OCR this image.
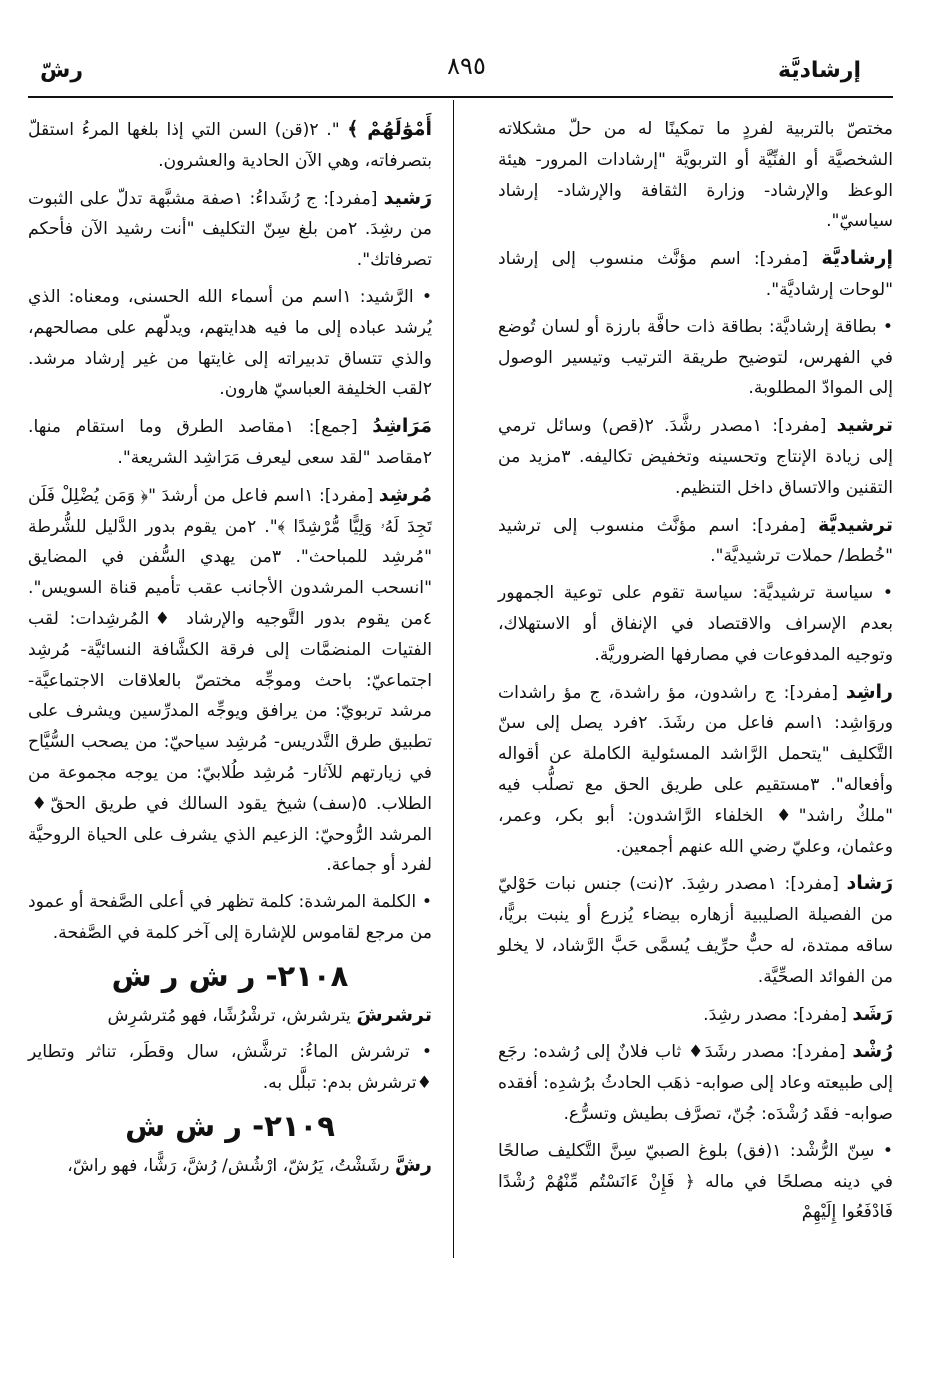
إرشاديَّة
٨٩٥
رشّ
مختصّ بالتربية لفردٍ ما تمكينًا له من حلّ مشكلاته الشخصيَّة أو الفنِّيَّة أو التربويَّة "إرشادات المرور- هيئة الوعظ والإرشاد- وزارة الثقافة والإرشاد- إرشاد سياسيّ".
إرشاديَّة [مفرد]: اسم مؤنَّث منسوب إلى إرشاد "لوحات إرشاديَّة".
• بطاقة إرشاديَّة: بطاقة ذات حافَّة بارزة أو لسان تُوضع في الفهرس، لتوضيح طريقة الترتيب وتيسير الوصول إلى الموادّ المطلوبة.
ترشيد [مفرد]: ١مصدر رشَّدَ. ٢(قص) وسائل ترمي إلى زيادة الإنتاج وتحسينه وتخفيض تكاليفه. ٣مزيد من التقنين والاتساق داخل التنظيم.
ترشيديَّة [مفرد]: اسم مؤنَّث منسوب إلى ترشيد "خُطط/ حملات ترشيديَّة".
• سياسة ترشيديَّة: سياسة تقوم على توعية الجمهور بعدم الإسراف والاقتصاد في الإنفاق أو الاستهلاك، وتوجيه المدفوعات في مصارفها الضروريَّة.
راشِد [مفرد]: ج راشدون، مؤ راشدة، ج مؤ راشدات وروَاشِد: ١اسم فاعل من رشَدَ. ٢فرد يصل إلى سنّ التَّكليف "يتحمل الرَّاشد المسئولية الكاملة عن أقواله وأفعاله". ٣مستقيم على طريق الحق مع تصلُّب فيه "ملكٌ راشد"♦ الخلفاء الرَّاشدون: أبو بكر، وعمر، وعثمان، وعليّ رضي الله عنهم أجمعين.
رَشاد [مفرد]: ١مصدر رشِدَ. ٢(نت) جنس نبات حَوْليّ من الفصيلة الصليبية أزهاره بيضاء يُزرع أو ينبت بريًّا، ساقه ممتدة، له حبٌّ حرِّيف يُسمَّى حَبَّ الرَّشاد، لا يخلو من الفوائد الصحِّيَّة.
رَشَد [مفرد]: مصدر رشِدَ.
رُشْد [مفرد]: مصدر رشَدَ♦ ثاب فلانٌ إلى رُشده: رجَع إلى طبيعته وعاد إلى صوابه- ذهَب الحادثُ برُشدِه: أفقده صوابه- فقَد رُشْدَه: جُنّ، تصرَّف بطيش وتسرُّع.
• سِنّ الرُّشْد: ١(فق) بلوغ الصبيّ سِنَّ التَّكليف صالحًا في دينه مصلحًا في ماله ﴿ فَإِنْ ءَانَسْتُم مِّنْهُمْ رُشْدًا فَادْفَعُوا إِلَيْهِمْ
أَمْوَٰلَهُمْ ﴾ ". ٢(قن) السن التي إذا بلغها المرءُ استقلّ بتصرفاته، وهي الآن الحادية والعشرون.
رَشيد [مفرد]: ج رُشَداءُ: ١صفة مشبَّهة تدلّ على الثبوت من رشِدَ. ٢من بلغ سِنّ التكليف "أنت رشيد الآن فأحكم تصرفاتك".
• الرَّشيد: ١اسم من أسماء الله الحسنى، ومعناه: الذي يُرشد عباده إلى ما فيه هدايتهم، ويدلّهم على مصالحهم، والذي تتساق تدبيراته إلى غايتها من غير إرشاد مرشد. ٢لقب الخليفة العباسيّ هارون.
مَرَاشِدُ [جمع]: ١مقاصد الطرق وما استقام منها. ٢مقاصد "لقد سعى ليعرف مَرَاشِد الشريعة".
مُرشِد [مفرد]: ١اسم فاعل من أرشدَ "﴿ وَمَن يُضْلِلْ فَلَن تَجِدَ لَهُۥ وَلِيًّا مُّرْشِدًا ﴾". ٢من يقوم بدور الدَّليل للشُّرطة "مُرشِد للمباحث". ٣من يهدي السُّفن في المضايق "انسحب المرشدون الأجانب عقب تأميم قناة السويس". ٤من يقوم بدور التَّوجيه والإرشاد ♦المُرشِدات: لقب الفتيات المنضمَّات إلى فرقة الكشَّافة النسائيَّة- مُرشِد اجتماعيّ: باحث وموجِّه مختصّ بالعلاقات الاجتماعيَّة- مرشد تربويّ: من يرافق ويوجِّه المدرِّسين ويشرف على تطبيق طرق التَّدريس- مُرشِد سياحيّ: من يصحب السُّيَّاح في زيارتهم للآثار- مُرشِد طُلابيّ: من يوجه مجموعة من الطلاب. ٥(سف) شيخ يقود السالك في طريق الحقّ♦ المرشد الرُّوحيّ: الزعيم الذي يشرف على الحياة الروحيَّة لفرد أو جماعة.
• الكلمة المرشدة: كلمة تظهر في أعلى الصَّفحة أو عمود من مرجع لقاموس للإشارة إلى آخر كلمة في الصَّفحة.
٢١٠٨- ر ش ر ش
ترشرشَ يترشرش، ترشْرُشًا، فهو مُترشرِش
• ترشرش الماءُ: ترشَّش، سال وقطَر، تناثر وتطاير ♦ترشرش بدم: تبلَّل به.
٢١٠٩- ر ش ش
رشَّ رشَشْتُ، يَرُشّ، ارْشُش/ رُشَّ، رَشًّا، فهو راشّ،
